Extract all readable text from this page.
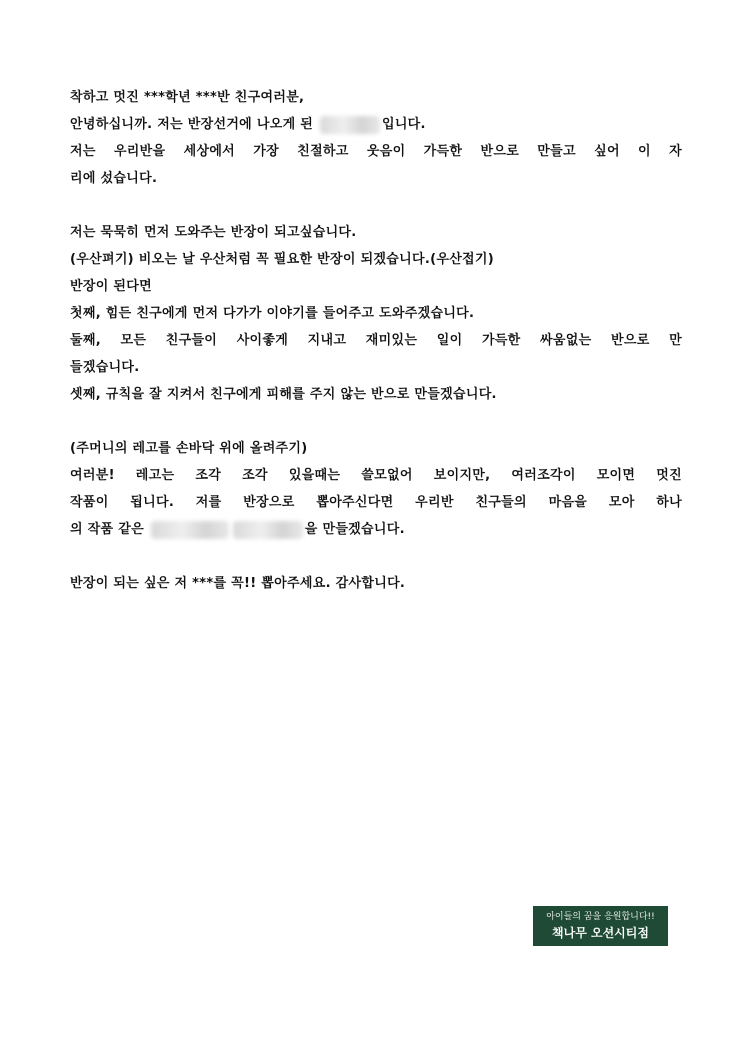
착하고 멋진 ***학년 ***반 친구여러분,
안녕하십니까. 저는 반장선거에 나오게 된	입니다.
저는 우리반을 세상에서 가장 친절하고 웃음이 가득한 반으로 만들고 싶어 이 자
리에 섰습니다.
저는 묵묵히 먼저 도와주는 반장이 되고싶습니다.
(우산펴기) 비오는 날 우산처럼 꼭 필요한 반장이 되겠습니다.(우산접기)
반장이 된다면
첫째, 힘든 친구에게 먼저 다가가 이야기를 들어주고 도와주겠습니다.
둘째, 모든 친구들이 사이좋게 지내고 재미있는 일이 가득한 싸움없는 반으로 만
들겠습니다.
셋째, 규칙을 잘 지켜서 친구에게 피해를 주지 않는 반으로 만들겠습니다.
(주머니의 레고를 손바닥 위에 올려주기)
여러분! 레고는 조각 조각 있을때는 쓸모없어 보이지만, 여러조각이 모이면 멋진
작품이 됩니다. 저를 반장으로 뽑아주신다면 우리반 친구들의 마음을 모아 하나
의 작품 같은	을 만들겠습니다.
반장이 되는 싶은 저 ***를 꼭!! 뽑아주세요. 감사합니다.
아이들의 꿈을 응원합니다!!
책나무 오션시티점
